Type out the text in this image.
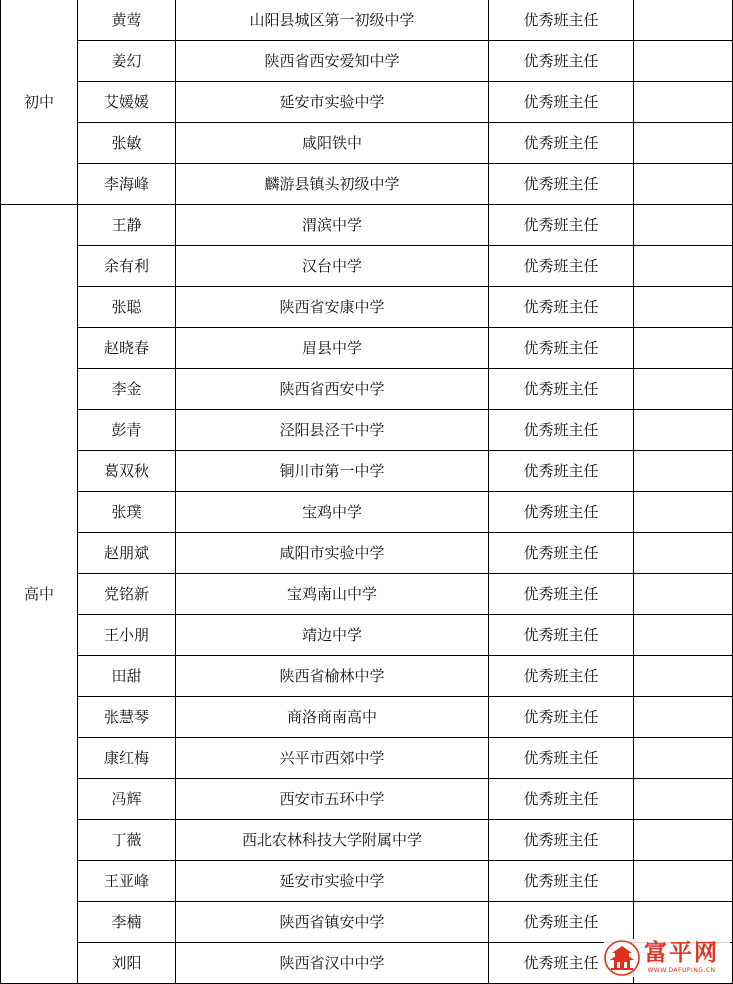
初中	黄莺	山阳县城区第一初级中学	优秀班主任	
	姜幻	陕西省西安爱知中学	优秀班主任	
	艾媛媛	延安市实验中学	优秀班主任	
	张敏	咸阳铁中	优秀班主任	
	李海峰	麟游县镇头初级中学	优秀班主任	
高中	王静	渭滨中学	优秀班主任	
	余有利	汉台中学	优秀班主任	
	张聪	陕西省安康中学	优秀班主任	
	赵晓春	眉县中学	优秀班主任	
	李金	陕西省西安中学	优秀班主任	
	彭青	泾阳县泾干中学	优秀班主任	
	葛双秋	铜川市第一中学	优秀班主任	
	张璞	宝鸡中学	优秀班主任	
	赵朋斌	咸阳市实验中学	优秀班主任	
	党铭新	宝鸡南山中学	优秀班主任	
	王小朋	靖边中学	优秀班主任	
	田甜	陕西省榆林中学	优秀班主任	
	张慧琴	商洛商南高中	优秀班主任	
	康红梅	兴平市西郊中学	优秀班主任	
	冯辉	西安市五环中学	优秀班主任	
	丁薇	西北农林科技大学附属中学	优秀班主任	
	王亚峰	延安市实验中学	优秀班主任	
	李楠	陕西省镇安中学	优秀班主任	
	刘阳	陕西省汉中中学	优秀班主任	富平网
WWW.DAFUPING.CN
